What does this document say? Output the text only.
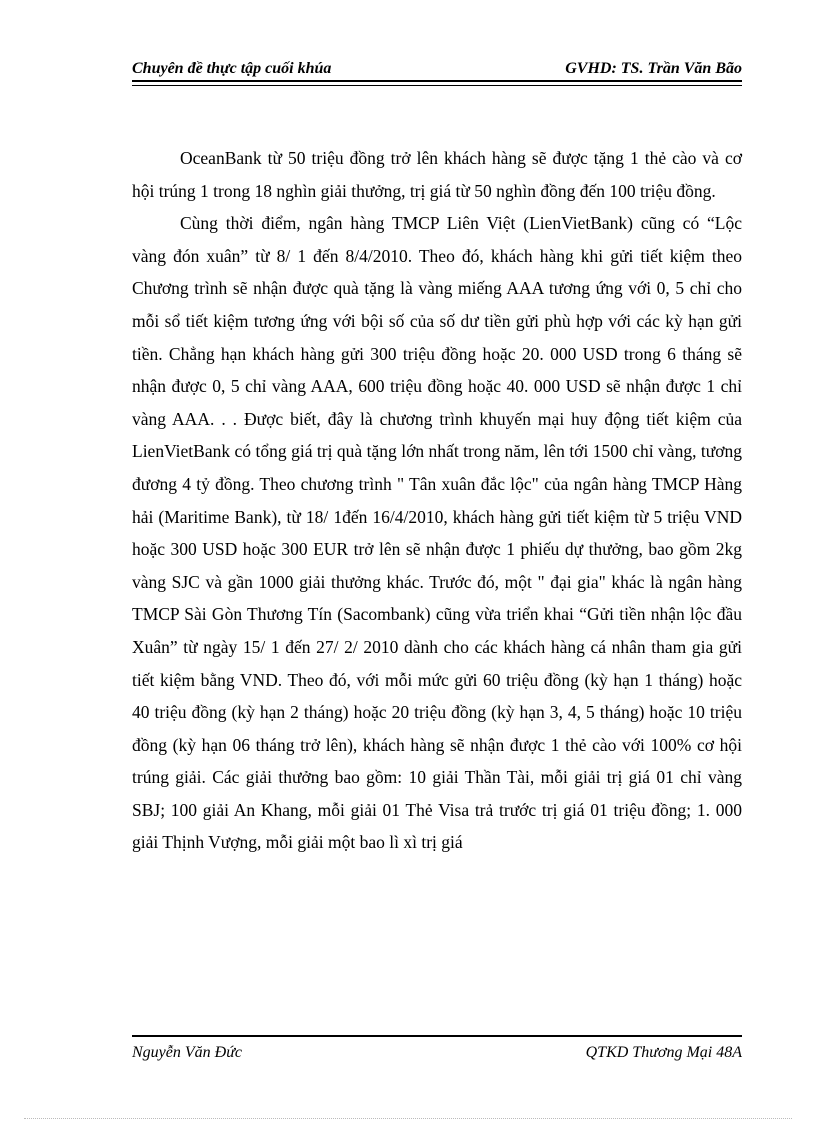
Chuyên đề thực tập cuối khúa	GVHD: TS. Trần Văn Bão

OceanBank từ 50 triệu đồng trở lên khách hàng sẽ được tặng 1 thẻ cào và cơ hội trúng 1 trong 18 nghìn giải thưởng, trị giá từ 50 nghìn đồng đến 100 triệu đồng.

Cùng thời điểm, ngân hàng TMCP Liên Việt (LienVietBank) cũng có “Lộc vàng đón xuân” từ 8/ 1 đến 8/4/2010. Theo đó, khách hàng khi gửi tiết kiệm theo Chương trình sẽ nhận được quà tặng là vàng miếng AAA tương ứng với 0, 5 chỉ cho mỗi sổ tiết kiệm tương ứng với bội số của số dư tiền gửi phù hợp với các kỳ hạn gửi tiền. Chẳng hạn khách hàng gửi 300 triệu đồng hoặc 20. 000 USD trong 6 tháng sẽ nhận được 0, 5 chỉ vàng AAA, 600 triệu đồng hoặc 40. 000 USD sẽ nhận được 1 chỉ vàng AAA. . . Được biết, đây là chương trình khuyến mại huy động tiết kiệm của LienVietBank có tổng giá trị quà tặng lớn nhất trong năm, lên tới 1500 chỉ vàng, tương đương 4 tỷ đồng. Theo chương trình " Tân xuân đắc lộc" của ngân hàng TMCP Hàng hải (Maritime Bank), từ 18/ 1đến 16/4/2010, khách hàng gửi tiết kiệm từ 5 triệu VND hoặc 300 USD hoặc 300 EUR trở lên sẽ nhận được 1 phiếu dự thưởng, bao gồm 2kg vàng SJC và gần 1000 giải thưởng khác. Trước đó, một " đại gia" khác là ngân hàng TMCP Sài Gòn Thương Tín (Sacombank) cũng vừa triển khai “Gửi tiền nhận lộc đầu Xuân” từ ngày 15/ 1 đến 27/ 2/ 2010 dành cho các khách hàng cá nhân tham gia gửi tiết kiệm bằng VND. Theo đó, với mỗi mức gửi 60 triệu đồng (kỳ hạn 1 tháng) hoặc 40 triệu đồng (kỳ hạn 2 tháng) hoặc 20 triệu đồng (kỳ hạn 3, 4, 5 tháng) hoặc 10 triệu đồng (kỳ hạn 06 tháng trở lên), khách hàng sẽ nhận được 1 thẻ cào với 100% cơ hội trúng giải. Các giải thưởng bao gồm: 10 giải Thần Tài, mỗi giải trị giá 01 chỉ vàng SBJ; 100 giải An Khang, mỗi giải 01 Thẻ Visa trả trước trị giá 01 triệu đồng; 1. 000 giải Thịnh Vượng, mỗi giải một bao lì xì trị giá

Nguyễn Văn Đức	QTKD Thương Mại 48A
